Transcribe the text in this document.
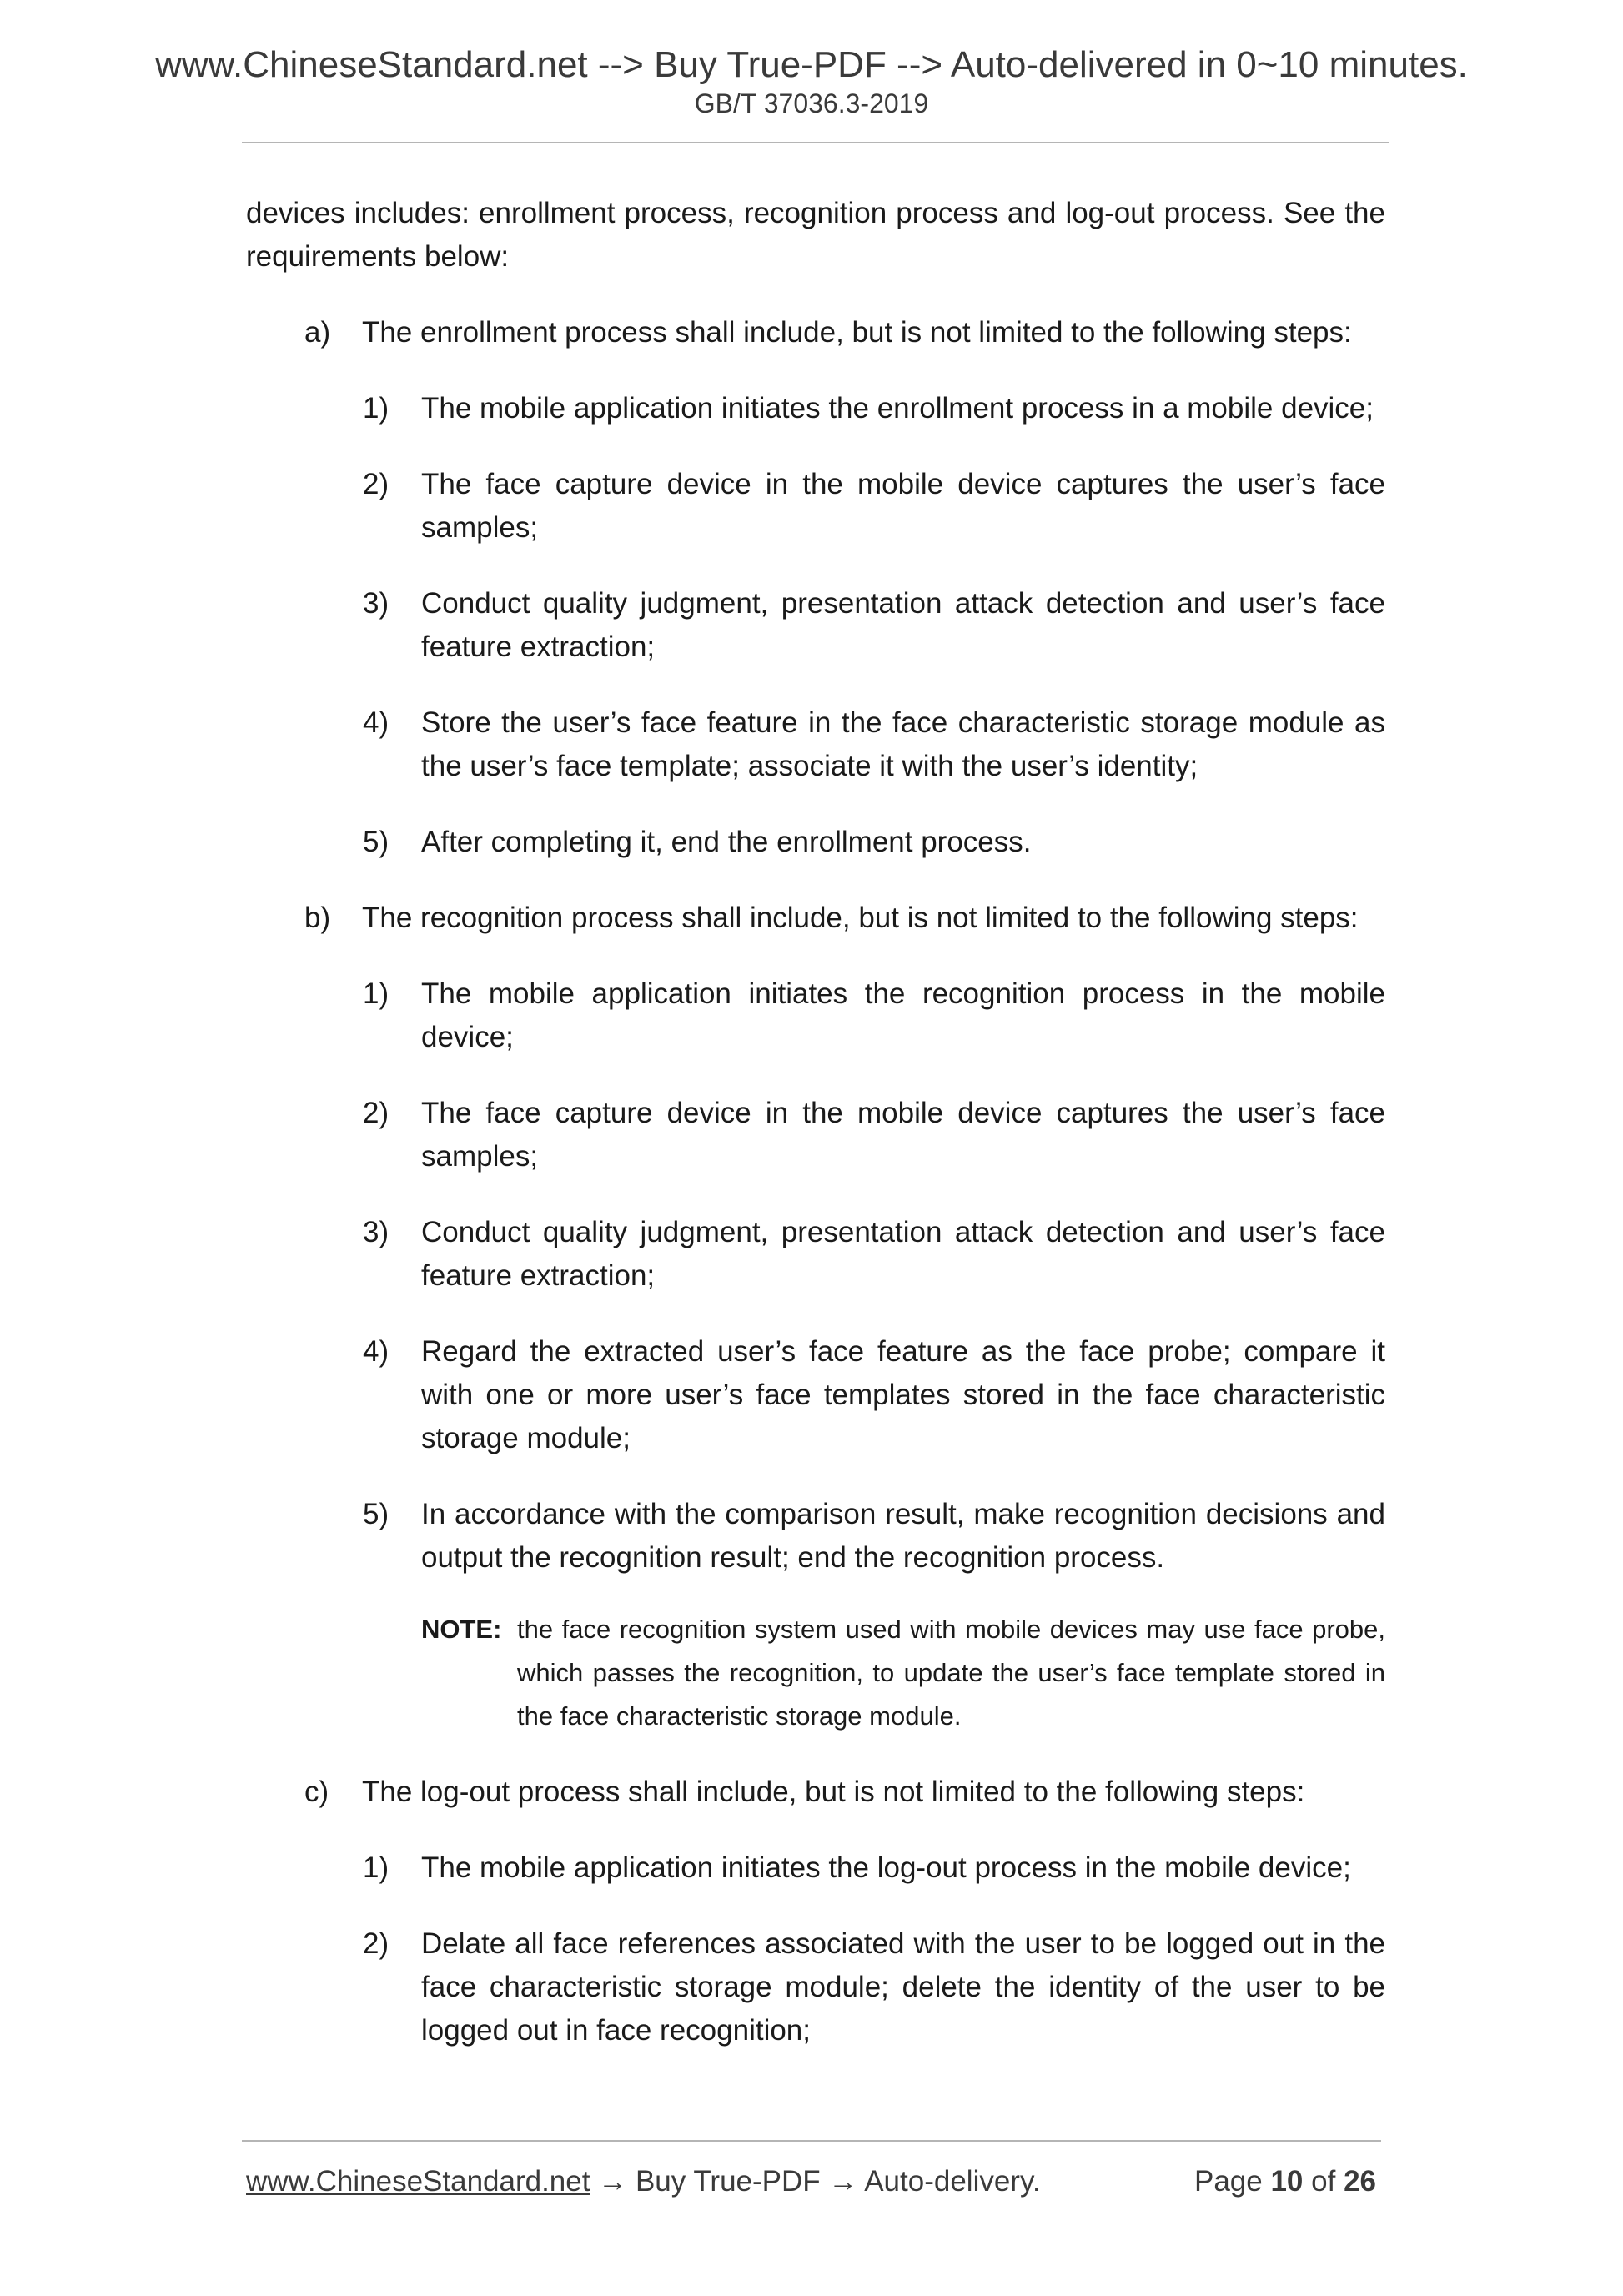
www.ChineseStandard.net --> Buy True-PDF --> Auto-delivered in 0~10 minutes.
GB/T 37036.3-2019

devices includes: enrollment process, recognition process and log-out process. See the requirements below:

a) The enrollment process shall include, but is not limited to the following steps:
1) The mobile application initiates the enrollment process in a mobile device;
2) The face capture device in the mobile device captures the user’s face samples;
3) Conduct quality judgment, presentation attack detection and user’s face feature extraction;
4) Store the user’s face feature in the face characteristic storage module as the user’s face template; associate it with the user’s identity;
5) After completing it, end the enrollment process.
b) The recognition process shall include, but is not limited to the following steps:
1) The mobile application initiates the recognition process in the mobile device;
2) The face capture device in the mobile device captures the user’s face samples;
3) Conduct quality judgment, presentation attack detection and user’s face feature extraction;
4) Regard the extracted user’s face feature as the face probe; compare it with one or more user’s face templates stored in the face characteristic storage module;
5) In accordance with the comparison result, make recognition decisions and output the recognition result; end the recognition process.
NOTE: the face recognition system used with mobile devices may use face probe, which passes the recognition, to update the user’s face template stored in the face characteristic storage module.
c) The log-out process shall include, but is not limited to the following steps:
1) The mobile application initiates the log-out process in the mobile device;
2) Delate all face references associated with the user to be logged out in the face characteristic storage module; delete the identity of the user to be logged out in face recognition;
www.ChineseStandard.net → Buy True-PDF → Auto-delivery.	Page 10 of 26
